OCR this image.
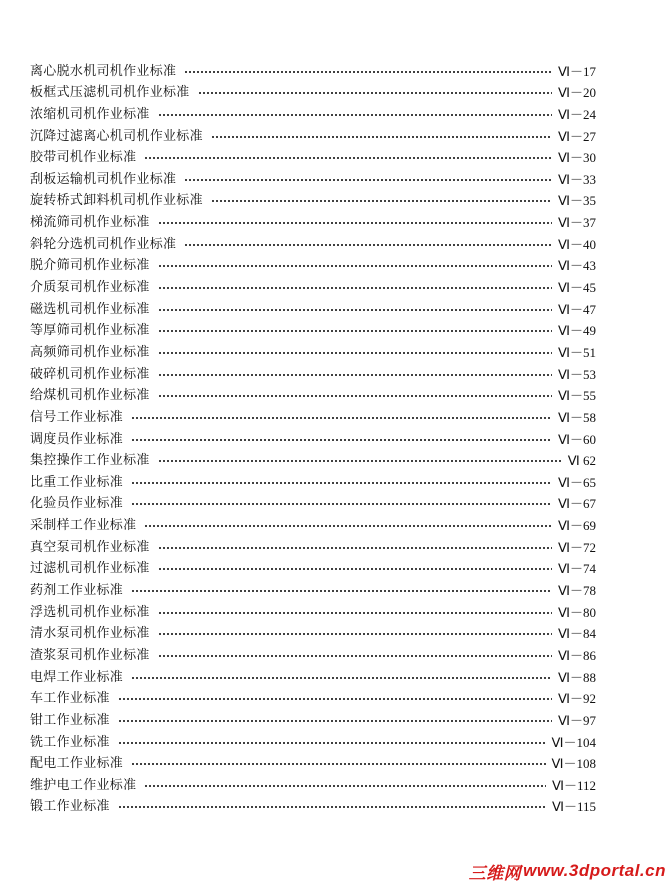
离心脱水机司机作业标准	Ⅵ－17
板框式压滤机司机作业标准	Ⅵ－20
浓缩机司机作业标准	Ⅵ－24
沉降过滤离心机司机作业标准	Ⅵ－27
胶带司机作业标准	Ⅵ－30
刮板运输机司机作业标准	Ⅵ－33
旋转桥式卸料机司机作业标准	Ⅵ－35
梯流筛司机作业标准	Ⅵ－37
斜轮分选机司机作业标准	Ⅵ－40
脱介筛司机作业标准	Ⅵ－43
介质泵司机作业标准	Ⅵ－45
磁选机司机作业标准	Ⅵ－47
等厚筛司机作业标准	Ⅵ－49
高频筛司机作业标准	Ⅵ－51
破碎机司机作业标准	Ⅵ－53
给煤机司机作业标准	Ⅵ－55
信号工作业标准	Ⅵ－58
调度员作业标准	Ⅵ－60
集控操作工作业标准	Ⅵ 62
比重工作业标准	Ⅵ－65
化验员作业标准	Ⅵ－67
采制样工作业标准	Ⅵ－69
真空泵司机作业标准	Ⅵ－72
过滤机司机作业标准	Ⅵ－74
药剂工作业标准	Ⅵ－78
浮选机司机作业标准	Ⅵ－80
清水泵司机作业标准	Ⅵ－84
渣浆泵司机作业标准	Ⅵ－86
电焊工作业标准	Ⅵ－88
车工作业标准	Ⅵ－92
钳工作业标准	Ⅵ－97
铣工作业标准	Ⅵ－104
配电工作业标准	Ⅵ－108
维护电工作业标准	Ⅵ－112
锻工作业标准	Ⅵ－115
三维网 www.3dportal.cn
